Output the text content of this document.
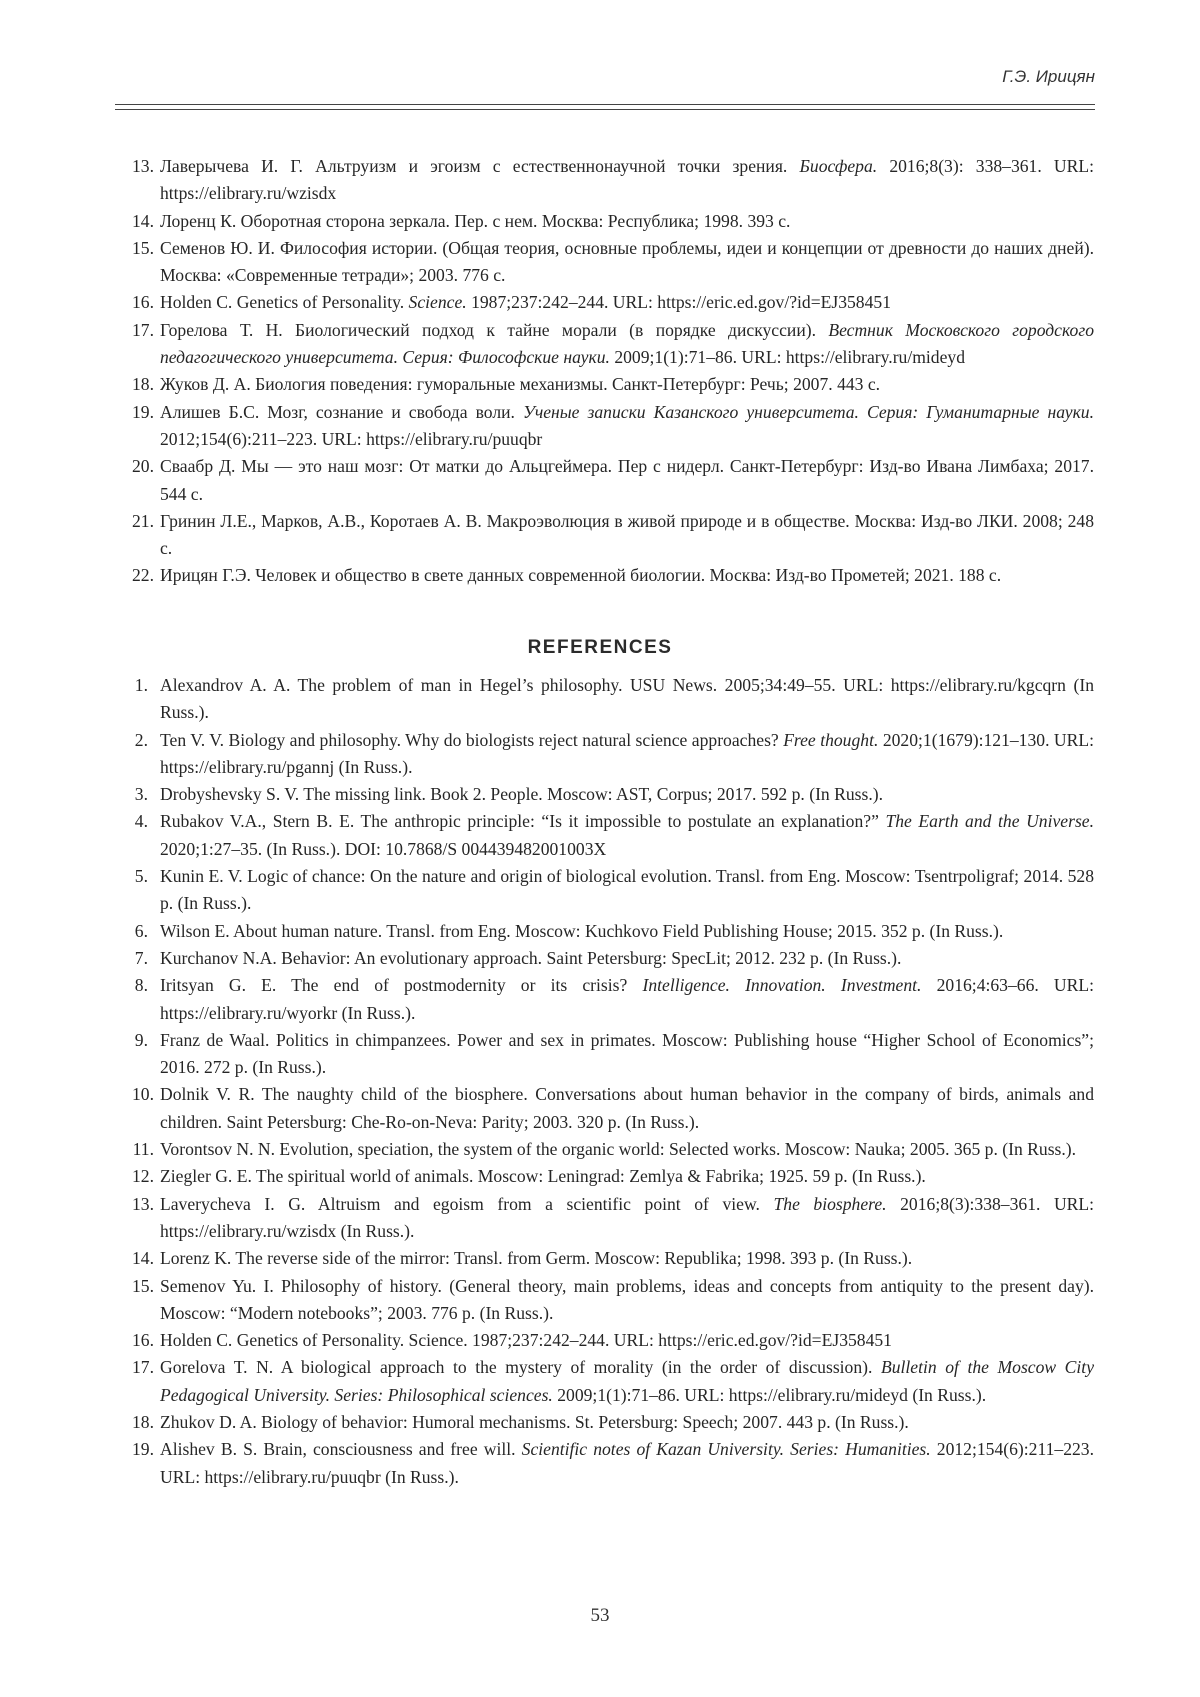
Г.Э. Ирицян
13. Лаверычева И. Г. Альтруизм и эгоизм с естественнонаучной точки зрения. Биосфера. 2016;8(3): 338–361. URL: https://elibrary.ru/wzisdx
14. Лоренц К. Оборотная сторона зеркала. Пер. с нем. Москва: Республика; 1998. 393 с.
15. Семенов Ю. И. Философия истории. (Общая теория, основные проблемы, идеи и концепции от древности до наших дней). Москва: «Современные тетради»; 2003. 776 с.
16. Holden C. Genetics of Personality. Science. 1987;237:242–244. URL: https://eric.ed.gov/?id=EJ358451
17. Горелова Т. Н. Биологический подход к тайне морали (в порядке дискуссии). Вестник Московского городского педагогического университета. Серия: Философские науки. 2009;1(1):71–86. URL: https://elibrary.ru/mideyd
18. Жуков Д. А. Биология поведения: гуморальные механизмы. Санкт-Петербург: Речь; 2007. 443 с.
19. Алишев Б.С. Мозг, сознание и свобода воли. Ученые записки Казанского университета. Серия: Гуманитарные науки. 2012;154(6):211–223. URL: https://elibrary.ru/puuqbr
20. Сваабр Д. Мы — это наш мозг: От матки до Альцгеймера. Пер с нидерл. Санкт-Петербург: Изд-во Ивана Лимбаха; 2017. 544 с.
21. Гринин Л.Е., Марков, А.В., Коротаев А. В. Макроэволюция в живой природе и в обществе. Москва: Изд-во ЛКИ. 2008; 248 с.
22. Ирицян Г.Э. Человек и общество в свете данных современной биологии. Москва: Изд-во Прометей; 2021. 188 с.
REFERENCES
1. Alexandrov A. A. The problem of man in Hegel’s philosophy. USU News. 2005;34:49–55. URL: https://elibrary.ru/kgcqrn (In Russ.).
2. Ten V. V. Biology and philosophy. Why do biologists reject natural science approaches? Free thought. 2020;1(1679):121–130. URL: https://elibrary.ru/pgannj (In Russ.).
3. Drobyshevsky S. V. The missing link. Book 2. People. Moscow: AST, Corpus; 2017. 592 p. (In Russ.).
4. Rubakov V.A., Stern B. E. The anthropic principle: “Is it impossible to postulate an explanation?” The Earth and the Universe. 2020;1:27–35. (In Russ.). DOI: 10.7868/S 004439482001003X
5. Kunin E. V. Logic of chance: On the nature and origin of biological evolution. Transl. from Eng. Moscow: Tsentrpoligraf; 2014. 528 p. (In Russ.).
6. Wilson E. About human nature. Transl. from Eng. Moscow: Kuchkovo Field Publishing House; 2015. 352 p. (In Russ.).
7. Kurchanov N.A. Behavior: An evolutionary approach. Saint Petersburg: SpecLit; 2012. 232 p. (In Russ.).
8. Iritsyan G. E. The end of postmodernity or its crisis? Intelligence. Innovation. Investment. 2016;4:63–66. URL: https://elibrary.ru/wyorkr (In Russ.).
9. Franz de Waal. Politics in chimpanzees. Power and sex in primates. Moscow: Publishing house “Higher School of Economics”; 2016. 272 p. (In Russ.).
10. Dolnik V. R. The naughty child of the biosphere. Conversations about human behavior in the company of birds, animals and children. Saint Petersburg: Che-Ro-on-Neva: Parity; 2003. 320 p. (In Russ.).
11. Vorontsov N. N. Evolution, speciation, the system of the organic world: Selected works. Moscow: Nauka; 2005. 365 p. (In Russ.).
12. Ziegler G. E. The spiritual world of animals. Moscow: Leningrad: Zemlya & Fabrika; 1925. 59 p. (In Russ.).
13. Laverycheva I. G. Altruism and egoism from a scientific point of view. The biosphere. 2016;8(3):338–361. URL: https://elibrary.ru/wzisdx (In Russ.).
14. Lorenz K. The reverse side of the mirror: Transl. from Germ. Moscow: Republika; 1998. 393 p. (In Russ.).
15. Semenov Yu. I. Philosophy of history. (General theory, main problems, ideas and concepts from antiquity to the present day). Moscow: “Modern notebooks”; 2003. 776 p. (In Russ.).
16. Holden C. Genetics of Personality. Science. 1987;237:242–244. URL: https://eric.ed.gov/?id=EJ358451
17. Gorelova T. N. A biological approach to the mystery of morality (in the order of discussion). Bulletin of the Moscow City Pedagogical University. Series: Philosophical sciences. 2009;1(1):71–86. URL: https://elibrary.ru/mideyd (In Russ.).
18. Zhukov D. A. Biology of behavior: Humoral mechanisms. St. Petersburg: Speech; 2007. 443 p. (In Russ.).
19. Alishev B. S. Brain, consciousness and free will. Scientific notes of Kazan University. Series: Humanities. 2012;154(6):211–223. URL: https://elibrary.ru/puuqbr (In Russ.).
53
